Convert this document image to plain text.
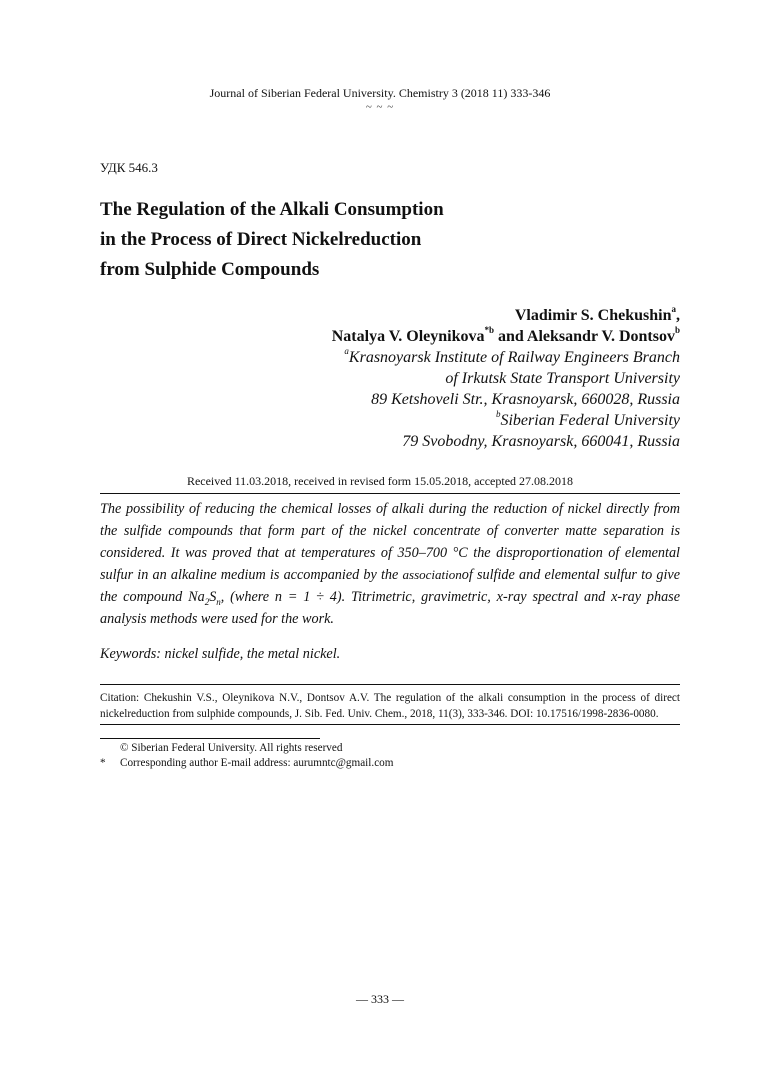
Journal of Siberian Federal University. Chemistry 3 (2018 11) 333-346
~ ~ ~
УДК 546.3
The Regulation of the Alkali Consumption
in the Process of Direct Nickelreduction
from Sulphide Compounds
Vladimir S. Chekushin$^a$,
Natalya V. Oleynikova$^{*b}$ and Aleksandr V. Dontsov$^b$
$^a$Krasnoyarsk Institute of Railway Engineers Branch
of Irkutsk State Transport University
89 Ketshoveli Str., Krasnoyarsk, 660028, Russia
$^b$Siberian Federal University
79 Svobodny, Krasnoyarsk, 660041, Russia
Received 11.03.2018, received in revised form 15.05.2018, accepted 27.08.2018

The possibility of reducing the chemical losses of alkali during the reduction of nickel directly from the sulfide compounds that form part of the nickel concentrate of converter matte separation is considered. It was proved that at temperatures of 350–700 °C the disproportionation of elemental sulfur in an alkaline medium is accompanied by the associationof sulfide and elemental sulfur to give the compound $Na_2S_n$, (where n = 1 ÷ 4). Titrimetric, gravimetric, x-ray spectral and x-ray phase analysis methods were used for the work.

Keywords: nickel sulfide, the metal nickel.
Citation: Chekushin V.S., Oleynikova N.V., Dontsov A.V. The regulation of the alkali consumption in the process of direct nickelreduction from sulphide compounds, J. Sib. Fed. Univ. Chem., 2018, 11(3), 333-346. DOI: 10.17516/1998-2836-0080.
© Siberian Federal University. All rights reserved
* Corresponding author E-mail address: aurumntc@gmail.com
— 333 —
